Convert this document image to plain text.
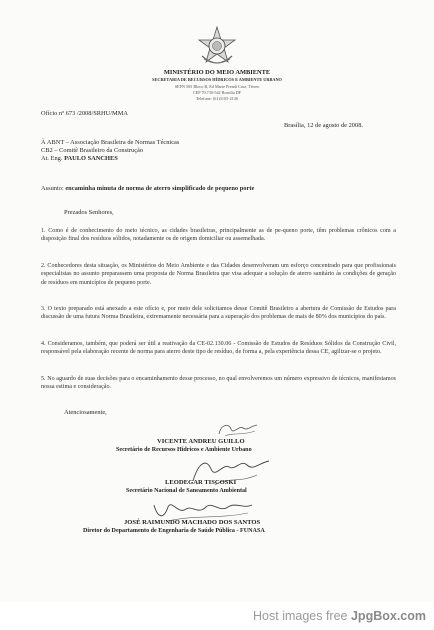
MINISTÉRIO DO MEIO AMBIENTE
SECRETARIA DE RECURSOS HÍDRICOS E AMBIENTE URBANO
SEPN 505 Bloco B, Ed Marie Prendi Cruz, Térreo
CEP 70.730-542 Brasília DF
Telefone: (61)3105-2136
Ofício nº 673 /2008/SRHU/MMA
Brasília, 12 de agosto de 2008.
À ABNT – Associação Brasileira de Normas Técnicas
CB2 – Comitê Brasileiro da Construção
At. Eng. PAULO SANCHES
Assunto: encaminha minuta de norma de aterro simplificado de pequeno porte
Prezados Senhores,
1. Como é de conhecimento do meio técnico, as cidades brasileiras, principalmente as de pe-queno porte, têm problemas crônicos com a disposição final dos resíduos sólidos, notadamente os de origem domiciliar ou assemelhada.
2. Conhecedores desta situação, os Ministérios do Meio Ambiente e das Cidades desenvolveram um esforço concentrado para que profissionais especialistas no assunto preparassem uma proposta de Norma Brasileira que visa adequar a solução de aterro sanitário às condições de geração de resíduos em municípios de pequeno porte.
3. O texto preparado está anexado a este ofício e, por meio dele solicitamos desse Comitê Brasileiro a abertura de Comissão de Estudos para discussão de uma futura Norma Brasileira, extremamente necessária para a superação dos problemas de mais de 80% dos municípios do país.
4. Consideramos, também, que poderá ser útil a reativação da CE-02.130.06 - Comissão de Estudos de Resíduos Sólidos da Construção Civil, responsável pela elaboração recente de norma para aterro deste tipo de resíduo, de forma a, pela experiência dessa CE, agilizar-se o projeto.
5. No aguardo de suas decisões para o encaminhamento desse processo, no qual envolveremos um número expressivo de técnicos, manifestamos nossa estima e consideração.
Atenciosamente,
VICENTE ANDREU GUILLO
Secretário de Recursos Hídricos e Ambiente Urbano
LEODEGAR TISCOSKI
Secretário Nacional de Saneamento Ambiental
JOSÉ RAIMUNDO MACHADO DOS SANTOS
Diretor do Departamento de Engenharia de Saúde Pública - FUNASA
Host images free JpgBox.com
